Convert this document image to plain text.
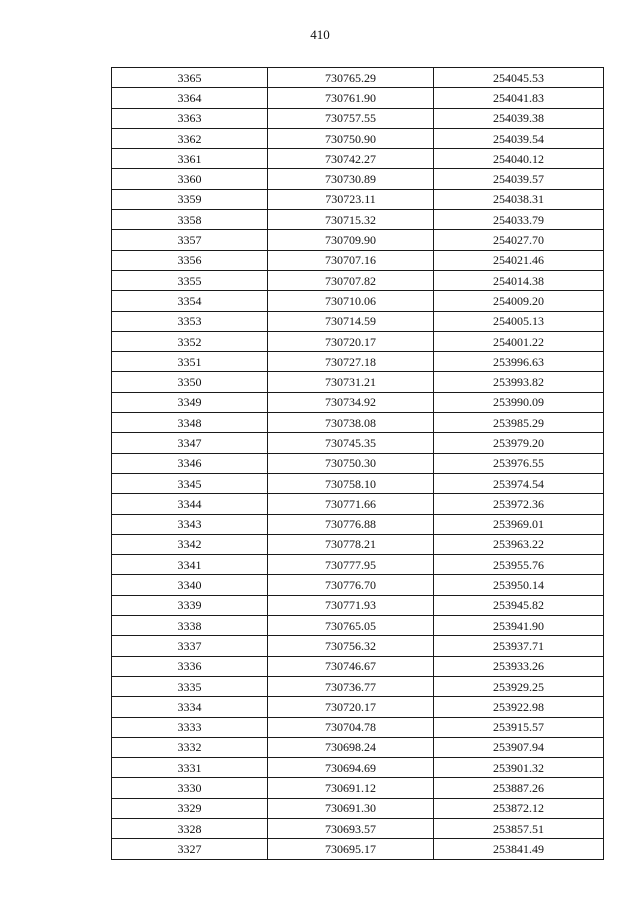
410
3365	730765.29	254045.53
3364	730761.90	254041.83
3363	730757.55	254039.38
3362	730750.90	254039.54
3361	730742.27	254040.12
3360	730730.89	254039.57
3359	730723.11	254038.31
3358	730715.32	254033.79
3357	730709.90	254027.70
3356	730707.16	254021.46
3355	730707.82	254014.38
3354	730710.06	254009.20
3353	730714.59	254005.13
3352	730720.17	254001.22
3351	730727.18	253996.63
3350	730731.21	253993.82
3349	730734.92	253990.09
3348	730738.08	253985.29
3347	730745.35	253979.20
3346	730750.30	253976.55
3345	730758.10	253974.54
3344	730771.66	253972.36
3343	730776.88	253969.01
3342	730778.21	253963.22
3341	730777.95	253955.76
3340	730776.70	253950.14
3339	730771.93	253945.82
3338	730765.05	253941.90
3337	730756.32	253937.71
3336	730746.67	253933.26
3335	730736.77	253929.25
3334	730720.17	253922.98
3333	730704.78	253915.57
3332	730698.24	253907.94
3331	730694.69	253901.32
3330	730691.12	253887.26
3329	730691.30	253872.12
3328	730693.57	253857.51
3327	730695.17	253841.49
